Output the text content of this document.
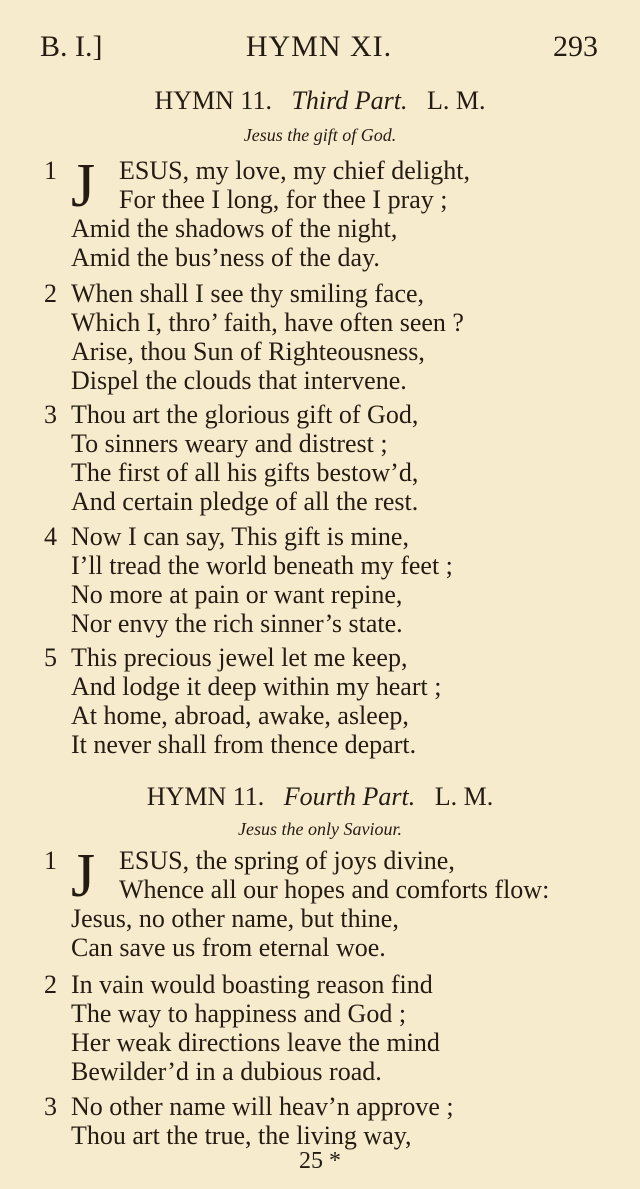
B. I.]	HYMN XI.	293
HYMN 11. Third Part. L. M.
Jesus the gift of God.
1 J ESUS, my love, my chief delight,
For thee I long, for thee I pray ;
Amid the shadows of the night,
Amid the bus’ness of the day.
2 When shall I see thy smiling face,
Which I, thro’ faith, have often seen ?
Arise, thou Sun of Righteousness,
Dispel the clouds that intervene.
3 Thou art the glorious gift of God,
To sinners weary and distrest ;
The first of all his gifts bestow’d,
And certain pledge of all the rest.
4 Now I can say, This gift is mine,
I’ll tread the world beneath my feet ;
No more at pain or want repine,
Nor envy the rich sinner’s state.
5 This precious jewel let me keep,
And lodge it deep within my heart ;
At home, abroad, awake, asleep,
It never shall from thence depart.
HYMN 11. Fourth Part. L. M.
Jesus the only Saviour.
1 J ESUS, the spring of joys divine,
Whence all our hopes and comforts flow:
Jesus, no other name, but thine,
Can save us from eternal woe.
2 In vain would boasting reason find
The way to happiness and God ;
Her weak directions leave the mind
Bewilder’d in a dubious road.
3 No other name will heav’n approve ;
Thou art the true, the living way,
25 *
